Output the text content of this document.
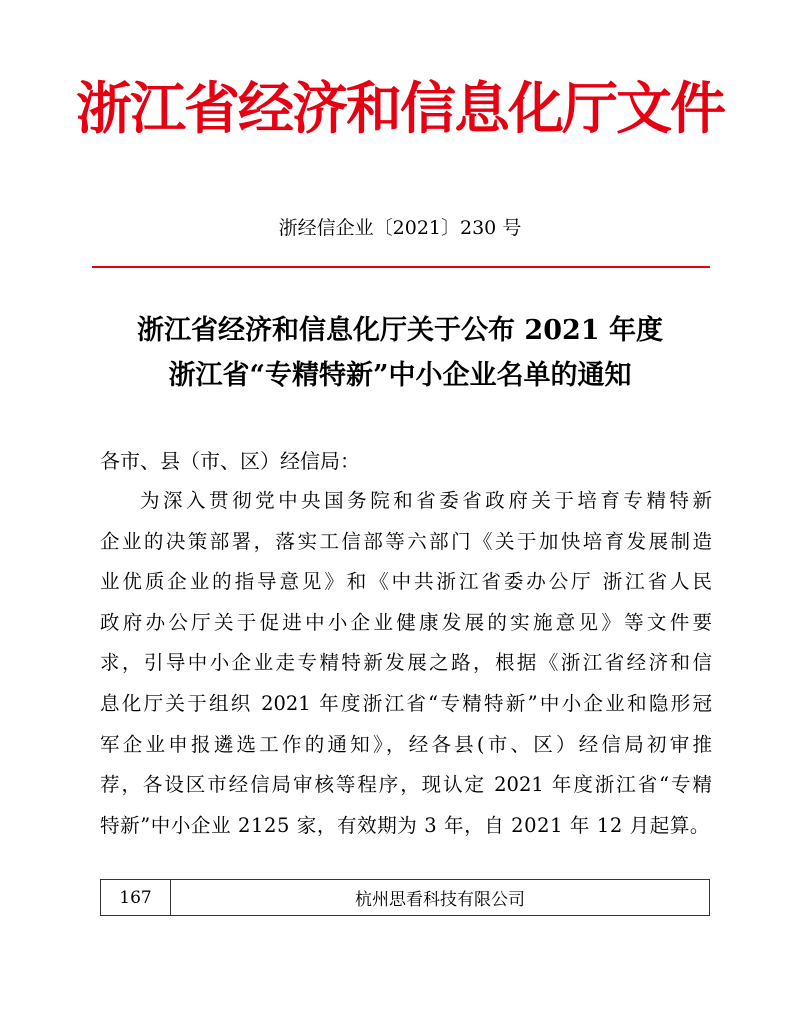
浙江省经济和信息化厅文件
浙经信企业〔2021〕230 号
浙江省经济和信息化厅关于公布 2021 年度
浙江省“专精特新”中小企业名单的通知
各市、县（市、区）经信局：
为深入贯彻党中央国务院和省委省政府关于培育专精特新
企业的决策部署，落实工信部等六部门《关于加快培育发展制造
业优质企业的指导意见》和《中共浙江省委办公厅 浙江省人民
政府办公厅关于促进中小企业健康发展的实施意见》等文件要
求，引导中小企业走专精特新发展之路，根据《浙江省经济和信
息化厅关于组织 2021 年度浙江省“专精特新”中小企业和隐形冠
军企业申报遴选工作的通知》，经各县(市、区）经信局初审推
荐，各设区市经信局审核等程序，现认定 2021 年度浙江省“专精
特新”中小企业 2125 家，有效期为 3 年，自 2021 年 12 月起算。
167	杭州思看科技有限公司
